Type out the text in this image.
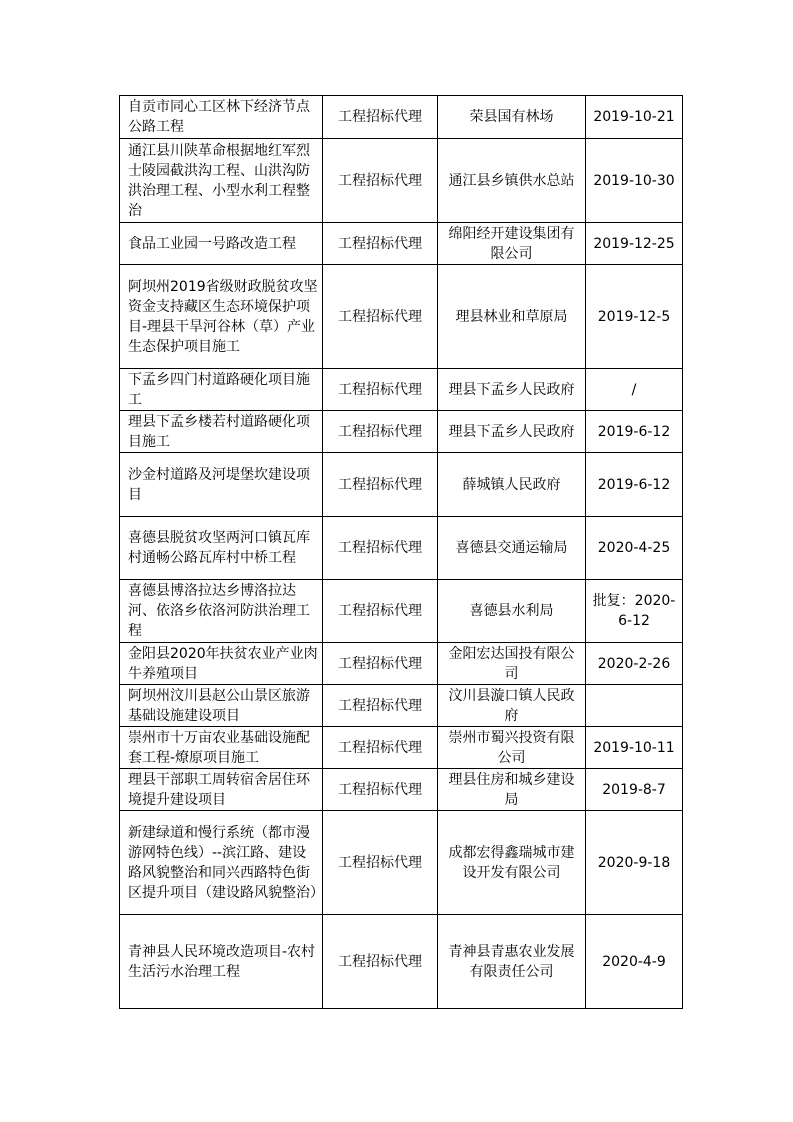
自贡市同心工区林下经济节点公路工程	工程招标代理	荣县国有林场	2019-10-21

通江县川陕革命根据地红军烈士陵园截洪沟工程、山洪沟防洪治理工程、小型水利工程整治	工程招标代理	通江县乡镇供水总站	2019-10-30

食品工业园一号路改造工程	工程招标代理	绵阳经开建设集团有限公司	2019-12-25

阿坝州2019省级财政脱贫攻坚资金支持藏区生态环境保护项目-理县干旱河谷林（草）产业生态保护项目施工	工程招标代理	理县林业和草原局	2019-12-5

下孟乡四门村道路硬化项目施工	工程招标代理	理县下孟乡人民政府	/

理县下孟乡楼若村道路硬化项目施工	工程招标代理	理县下孟乡人民政府	2019-6-12

沙金村道路及河堤堡坎建设项目	工程招标代理	薛城镇人民政府	2019-6-12

喜德县脱贫攻坚两河口镇瓦库村通畅公路瓦库村中桥工程	工程招标代理	喜德县交通运输局	2020-4-25

喜德县博洛拉达乡博洛拉达河、依洛乡依洛河防洪治理工程	工程招标代理	喜德县水利局	批复：2020-6-12

金阳县2020年扶贫农业产业肉牛养殖项目	工程招标代理	金阳宏达国投有限公司	2020-2-26

阿坝州汶川县赵公山景区旅游基础设施建设项目	工程招标代理	汶川县漩口镇人民政府	

崇州市十万亩农业基础设施配套工程-燎原项目施工	工程招标代理	崇州市蜀兴投资有限公司	2019-10-11

理县干部职工周转宿舍居住环境提升建设项目	工程招标代理	理县住房和城乡建设局	2019-8-7

新建绿道和慢行系统（都市漫游网特色线）--滨江路、建设路风貌整治和同兴西路特色街区提升项目（建设路风貌整治）	工程招标代理	成都宏得鑫瑞城市建设开发有限公司	2020-9-18

青神县人民环境改造项目-农村生活污水治理工程	工程招标代理	青神县青惠农业发展有限责任公司	2020-4-9
